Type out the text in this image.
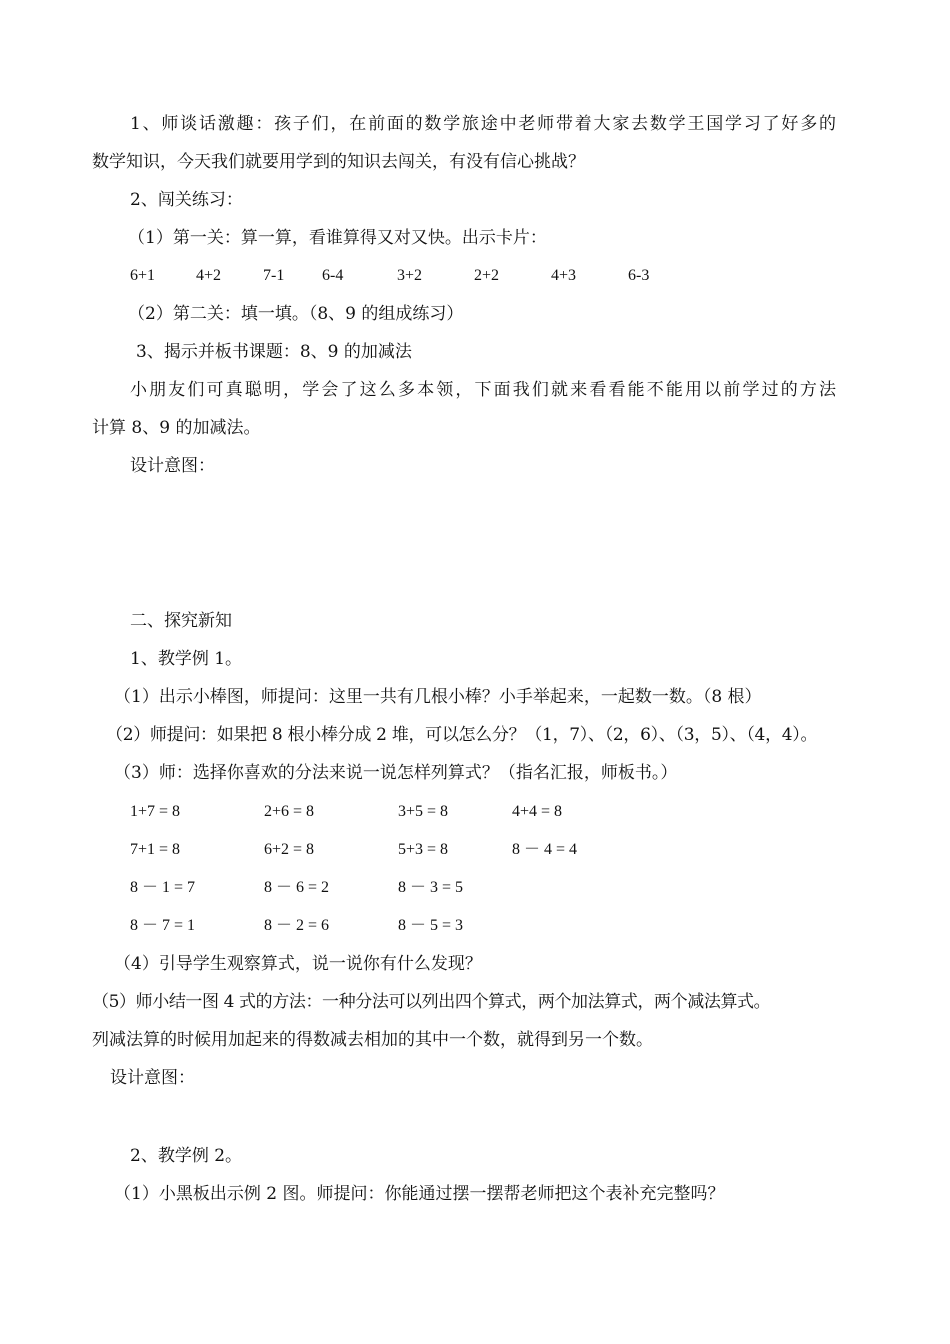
1、师谈话激趣：孩子们，在前面的数学旅途中老师带着大家去数学王国学习了好多的
数学知识，今天我们就要用学到的知识去闯关，有没有信心挑战？
2、闯关练习：
（1）第一关：算一算，看谁算得又对又快。出示卡片：
6+1	4+2	7-1 6-4	3+2	2+2	4+3	6-3
（2）第二关：填一填。（8、9 的组成练习）
3、揭示并板书课题：8、9 的加减法
小朋友们可真聪明，学会了这么多本领，下面我们就来看看能不能用以前学过的方法
计算 8、9 的加减法。
设计意图：
二、探究新知
1、教学例 1。
（1）出示小棒图，师提问：这里一共有几根小棒？小手举起来，一起数一数。（8 根）
（2）师提问：如果把 8 根小棒分成 2 堆，可以怎么分？（1，7）、（2，6）、（3，5）、（4，4）。
（3）师：选择你喜欢的分法来说一说怎样列算式？（指名汇报，师板书。）
1+7 = 8	2+6 = 8	3+5 = 8	4+4 = 8
7+1 = 8	6+2 = 8	5+3 = 8	8 － 4 = 4
8 － 1 = 7	8 － 6 = 2	8 － 3 = 5
8 － 7 = 1	8 － 2 = 6	8 － 5 = 3
（4）引导学生观察算式，说一说你有什么发现？
（5）师小结一图 4 式的方法：一种分法可以列出四个算式，两个加法算式，两个减法算式。
列减法算的时候用加起来的得数减去相加的其中一个数，就得到另一个数。
设计意图：
2、教学例 2。
（1）小黑板出示例 2 图。师提问：你能通过摆一摆帮老师把这个表补充完整吗？
